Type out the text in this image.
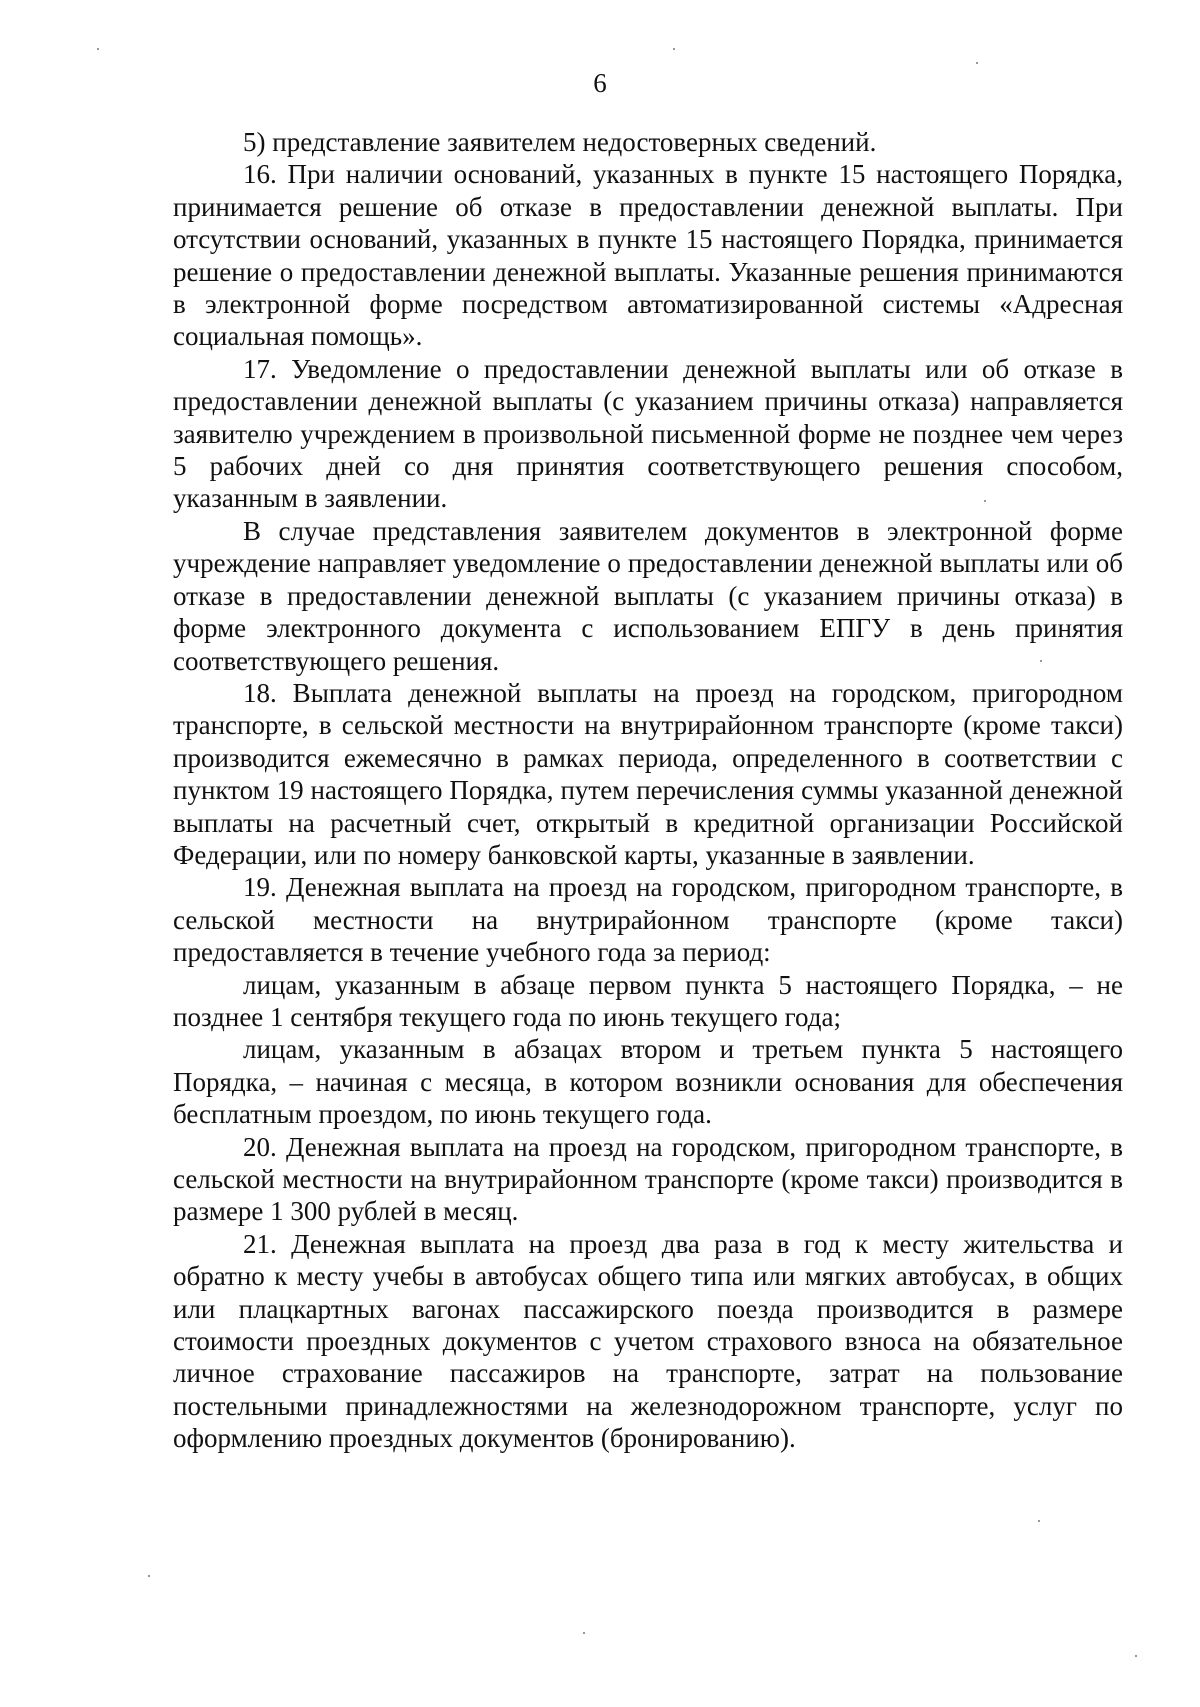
6

5) представление заявителем недостоверных сведений.

16. При наличии оснований, указанных в пункте 15 настоящего Порядка, принимается решение об отказе в предоставлении денежной выплаты. При отсутствии оснований, указанных в пункте 15 настоящего Порядка, принимается решение о предоставлении денежной выплаты. Указанные решения принимаются в электронной форме посредством автоматизированной системы «Адресная социальная помощь».

17. Уведомление о предоставлении денежной выплаты или об отказе в предоставлении денежной выплаты (с указанием причины отказа) направляется заявителю учреждением в произвольной письменной форме не позднее чем через 5 рабочих дней со дня принятия соответствующего решения способом, указанным в заявлении.

В случае представления заявителем документов в электронной форме учреждение направляет уведомление о предоставлении денежной выплаты или об отказе в предоставлении денежной выплаты (с указанием причины отказа) в форме электронного документа с использованием ЕПГУ в день принятия соответствующего решения.

18. Выплата денежной выплаты на проезд на городском, пригородном транспорте, в сельской местности на внутрирайонном транспорте (кроме такси) производится ежемесячно в рамках периода, определенного в соответствии с пунктом 19 настоящего Порядка, путем перечисления суммы указанной денежной выплаты на расчетный счет, открытый в кредитной организации Российской Федерации, или по номеру банковской карты, указанные в заявлении.

19. Денежная выплата на проезд на городском, пригородном транспорте, в сельской местности на внутрирайонном транспорте (кроме такси) предоставляется в течение учебного года за период:

лицам, указанным в абзаце первом пункта 5 настоящего Порядка, – не позднее 1 сентября текущего года по июнь текущего года;

лицам, указанным в абзацах втором и третьем пункта 5 настоящего Порядка, – начиная с месяца, в котором возникли основания для обеспечения бесплатным проездом, по июнь текущего года.

20. Денежная выплата на проезд на городском, пригородном транспорте, в сельской местности на внутрирайонном транспорте (кроме такси) производится в размере 1 300 рублей в месяц.

21. Денежная выплата на проезд два раза в год к месту жительства и обратно к месту учебы в автобусах общего типа или мягких автобусах, в общих или плацкартных вагонах пассажирского поезда производится в размере стоимости проездных документов с учетом страхового взноса на обязательное личное страхование пассажиров на транспорте, затрат на пользование постельными принадлежностями на железнодорожном транспорте, услуг по оформлению проездных документов (бронированию).
